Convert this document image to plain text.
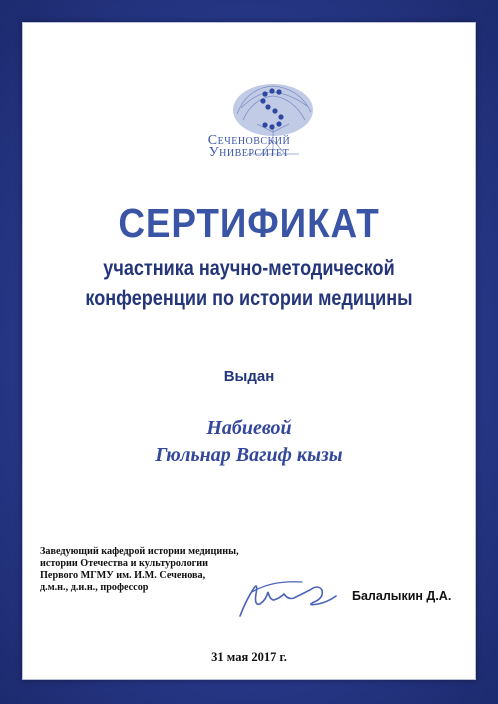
Сеченовский
Университет
СЕРТИФИКАТ
участника научно-методической
конференции по истории медицины
Выдан
Набиевой
Гюльнар Вагиф кызы
Заведующий кафедрой истории медицины,
истории Отечества и культурологии
Первого МГМУ им. И.М. Сеченова,
д.м.н., д.и.н., профессор
Балалыкин Д.А.
31 мая 2017 г.
